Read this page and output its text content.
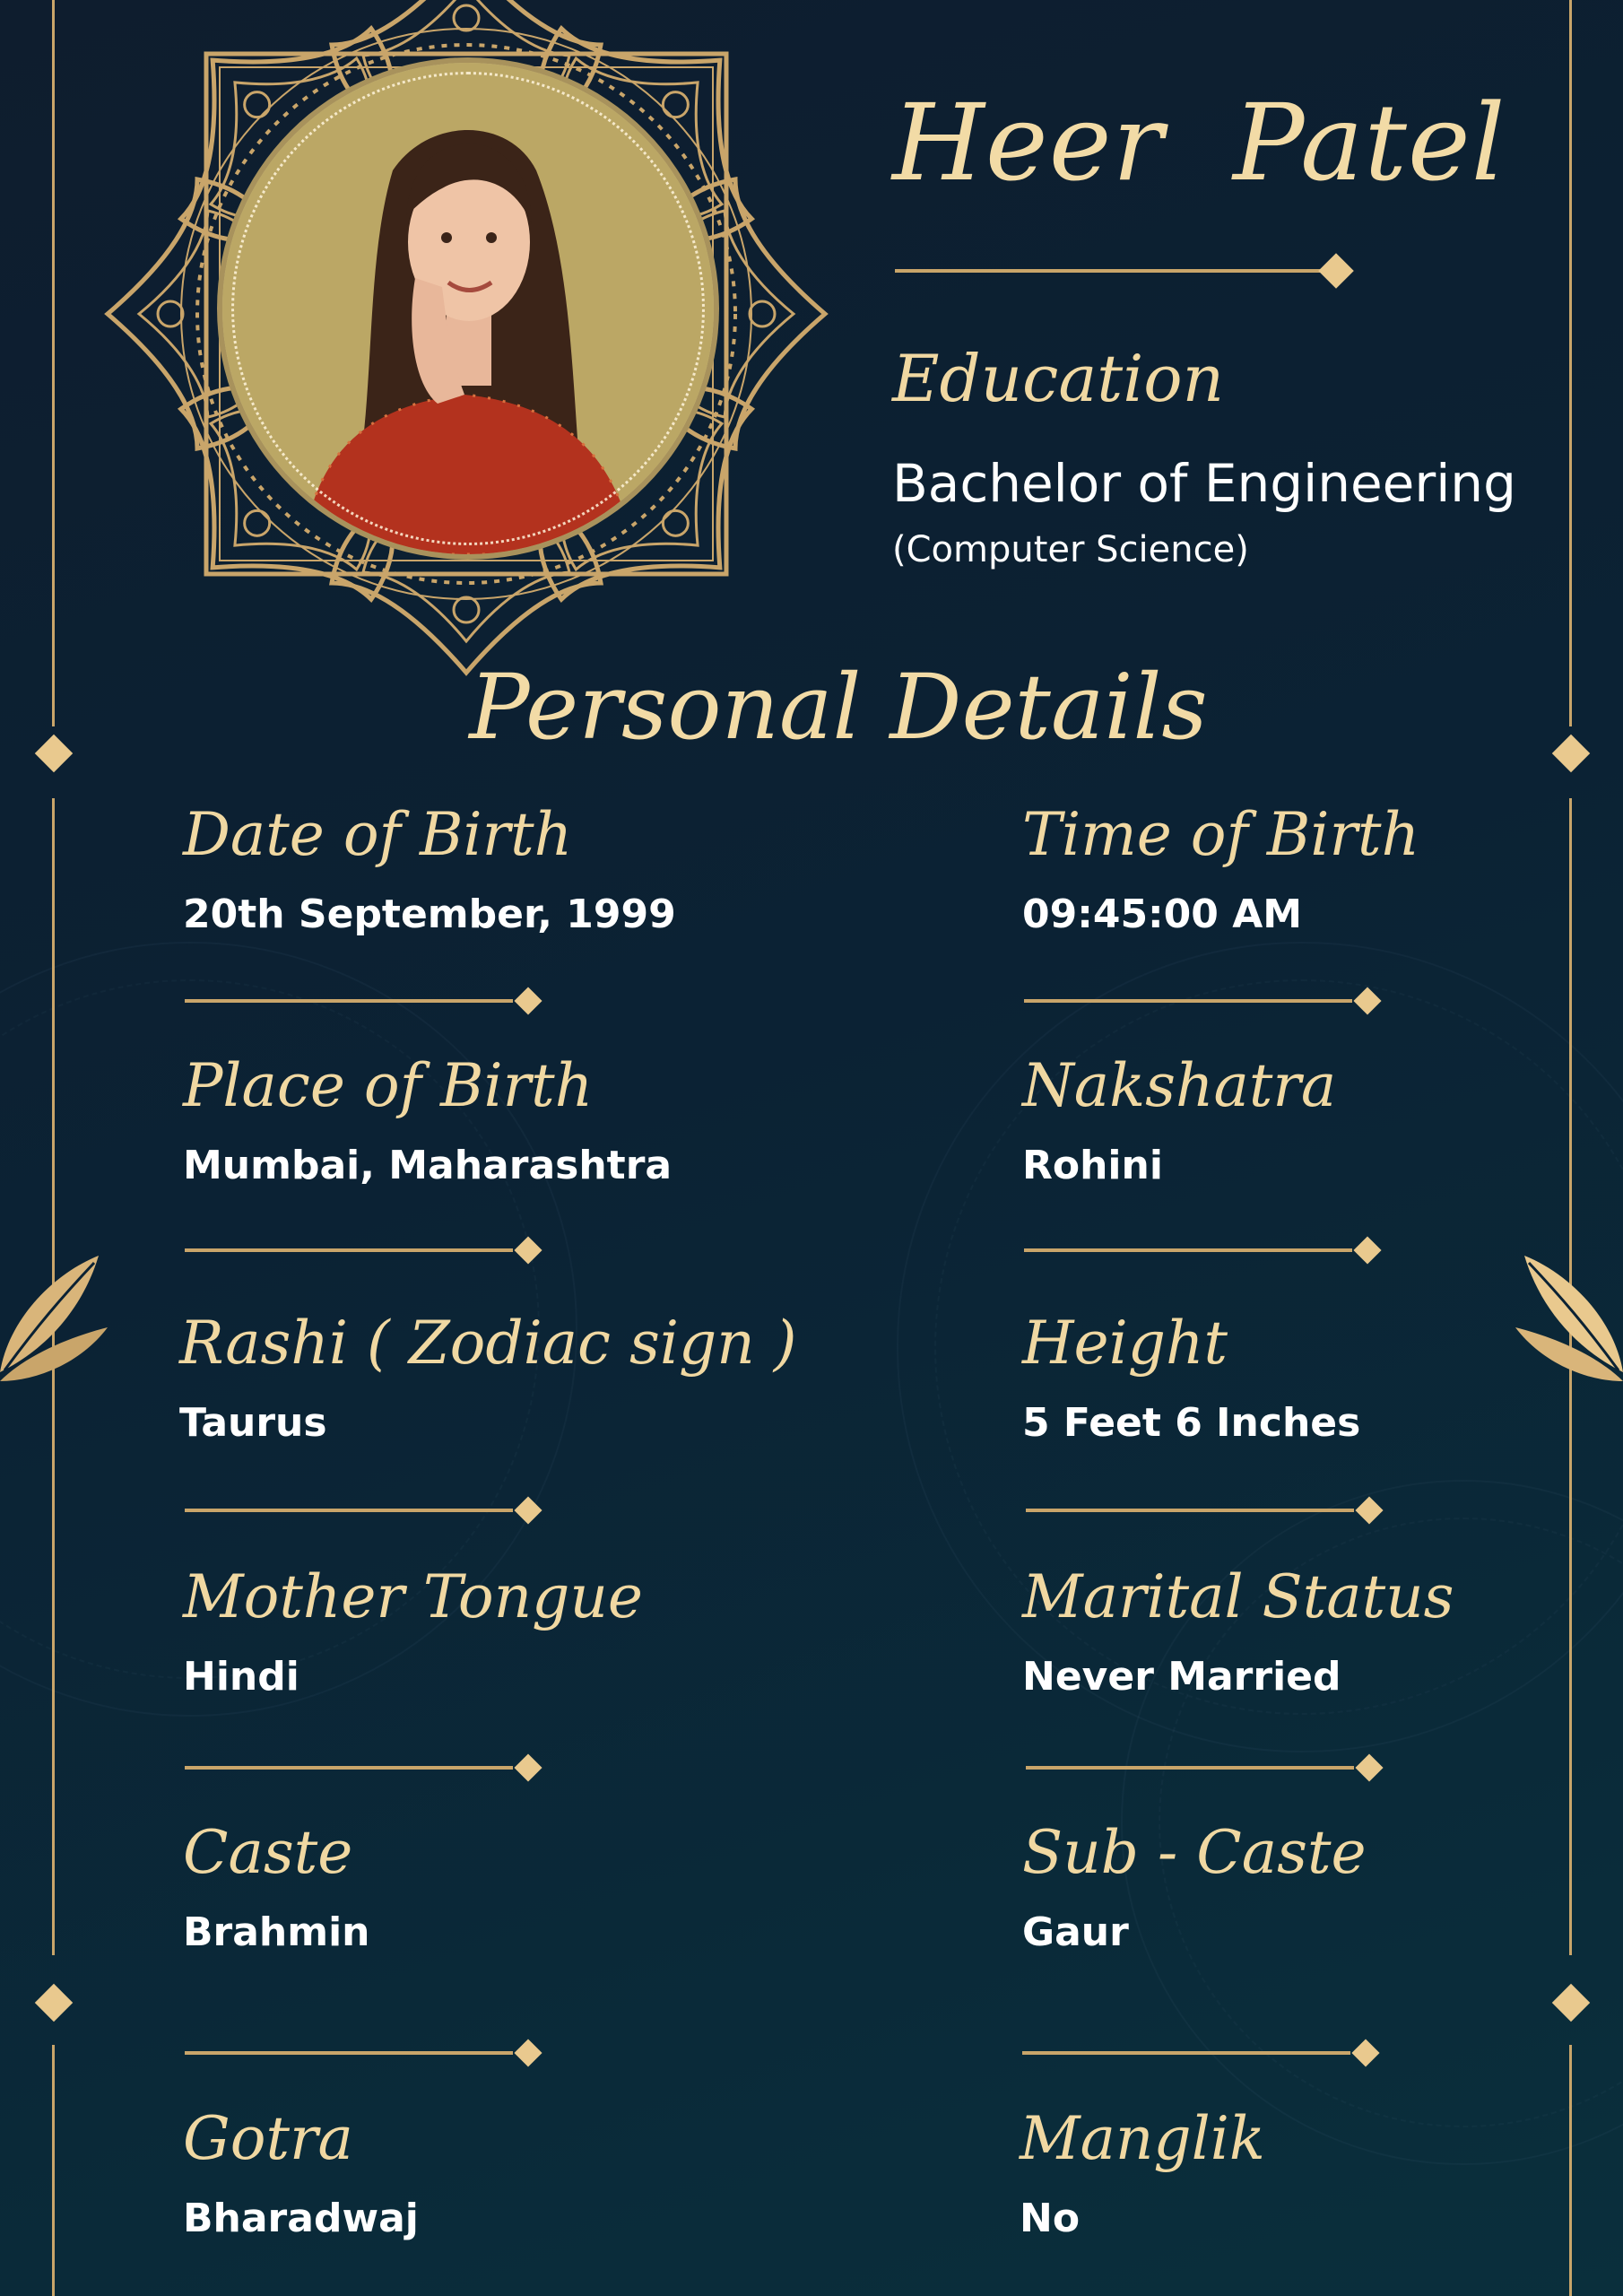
Heer  Patel
Education
Bachelor of Engineering
(Computer Science)
Personal Details
Date of Birth
20th September, 1999
Time of Birth
09:45:00 AM
Place of Birth
Mumbai, Maharashtra
Nakshatra
Rohini
Rashi ( Zodiac sign )
Taurus
Height
5 Feet 6 Inches
Mother Tongue
Hindi
Marital Status
Never Married
Caste
Brahmin
Sub - Caste
Gaur
Gotra
Bharadwaj
Manglik
No
